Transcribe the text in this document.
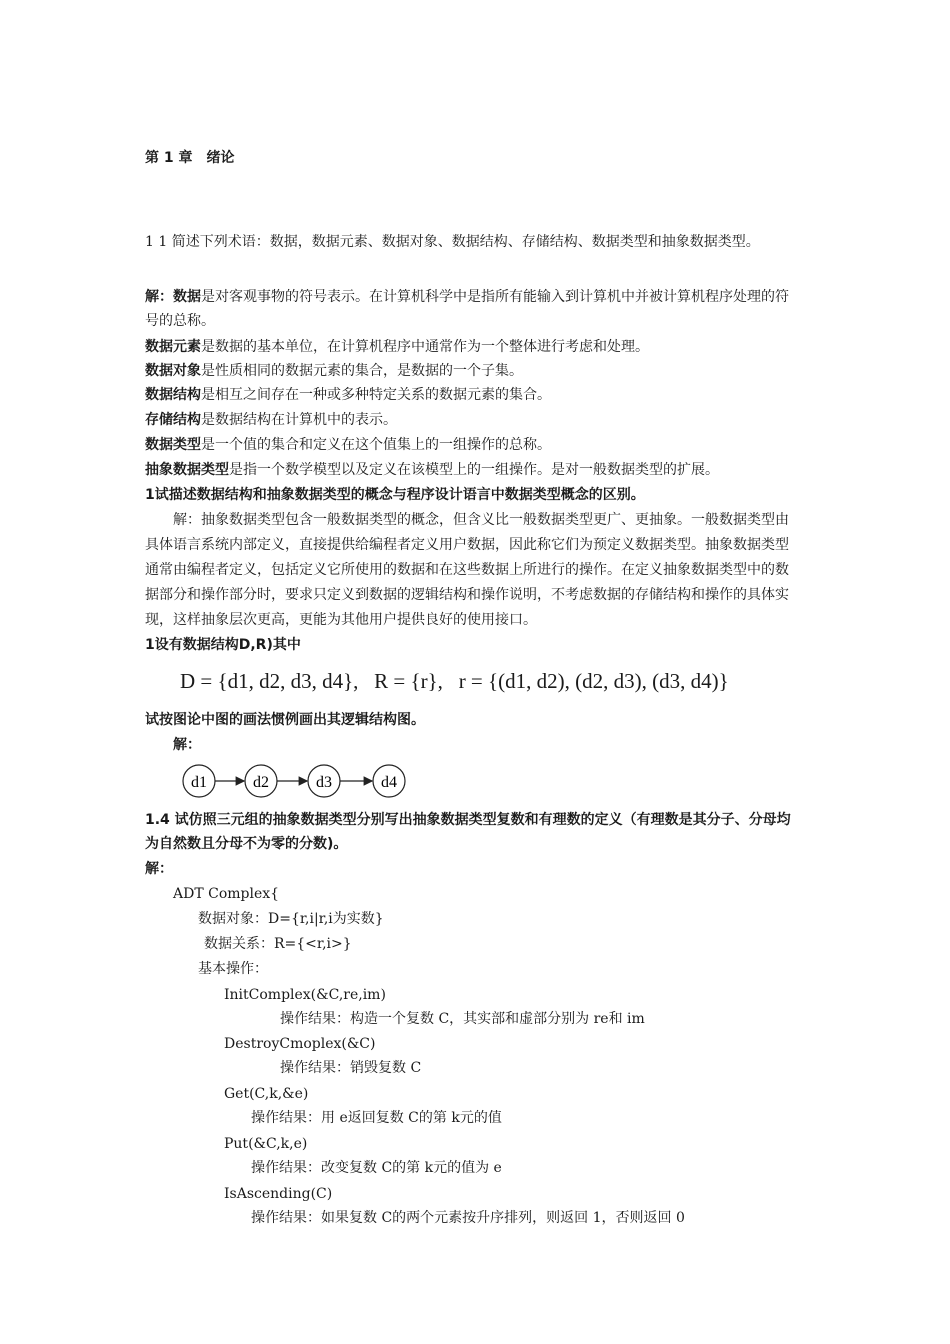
第 1 章　绪论
1 1 简述下列术语：数据，数据元素、数据对象、数据结构、存储结构、数据类型和抽象数据类型。
解：数据是对客观事物的符号表示。在计算机科学中是指所有能输入到计算机中并被计算机程序处理的符
号的总称。
数据元素是数据的基本单位，在计算机程序中通常作为一个整体进行考虑和处理。
数据对象是性质相同的数据元素的集合，是数据的一个子集。
数据结构是相互之间存在一种或多种特定关系的数据元素的集合。
存储结构是数据结构在计算机中的表示。
数据类型是一个值的集合和定义在这个值集上的一组操作的总称。
抽象数据类型是指一个数学模型以及定义在该模型上的一组操作。是对一般数据类型的扩展。
1试描述数据结构和抽象数据类型的概念与程序设计语言中数据类型概念的区别。
解：抽象数据类型包含一般数据类型的概念，但含义比一般数据类型更广、更抽象。一般数据类型由
具体语言系统内部定义，直接提供给编程者定义用户数据，因此称它们为预定义数据类型。抽象数据类型
通常由编程者定义，包括定义它所使用的数据和在这些数据上所进行的操作。在定义抽象数据类型中的数
据部分和操作部分时，要求只定义到数据的逻辑结构和操作说明，不考虑数据的存储结构和操作的具体实
现，这样抽象层次更高，更能为其他用户提供良好的使用接口。
1设有数据结构D,R)其中
D = {d1, d2, d3, d4}, R = {r}, r = {(d1, d2), (d2, d3), (d3, d4)}
试按图论中图的画法惯例画出其逻辑结构图。
解：
d1	d2	d3	d4
1.4 试仿照三元组的抽象数据类型分别写出抽象数据类型复数和有理数的定义（有理数是其分子、分母均
为自然数且分母不为零的分数)。
解：
ADT Complex{
数据对象：D={r,i|r,i为实数}
数据关系：R={<r,i>}
基本操作：
InitComplex(&C,re,im)
操作结果：构造一个复数 C，其实部和虚部分别为 re和 im
DestroyCmoplex(&C)
操作结果：销毁复数 C
Get(C,k,&e)
操作结果：用 e返回复数 C的第 k元的值
Put(&C,k,e)
操作结果：改变复数 C的第 k元的值为 e
IsAscending(C)
操作结果：如果复数 C的两个元素按升序排列，则返回 1，否则返回 0
